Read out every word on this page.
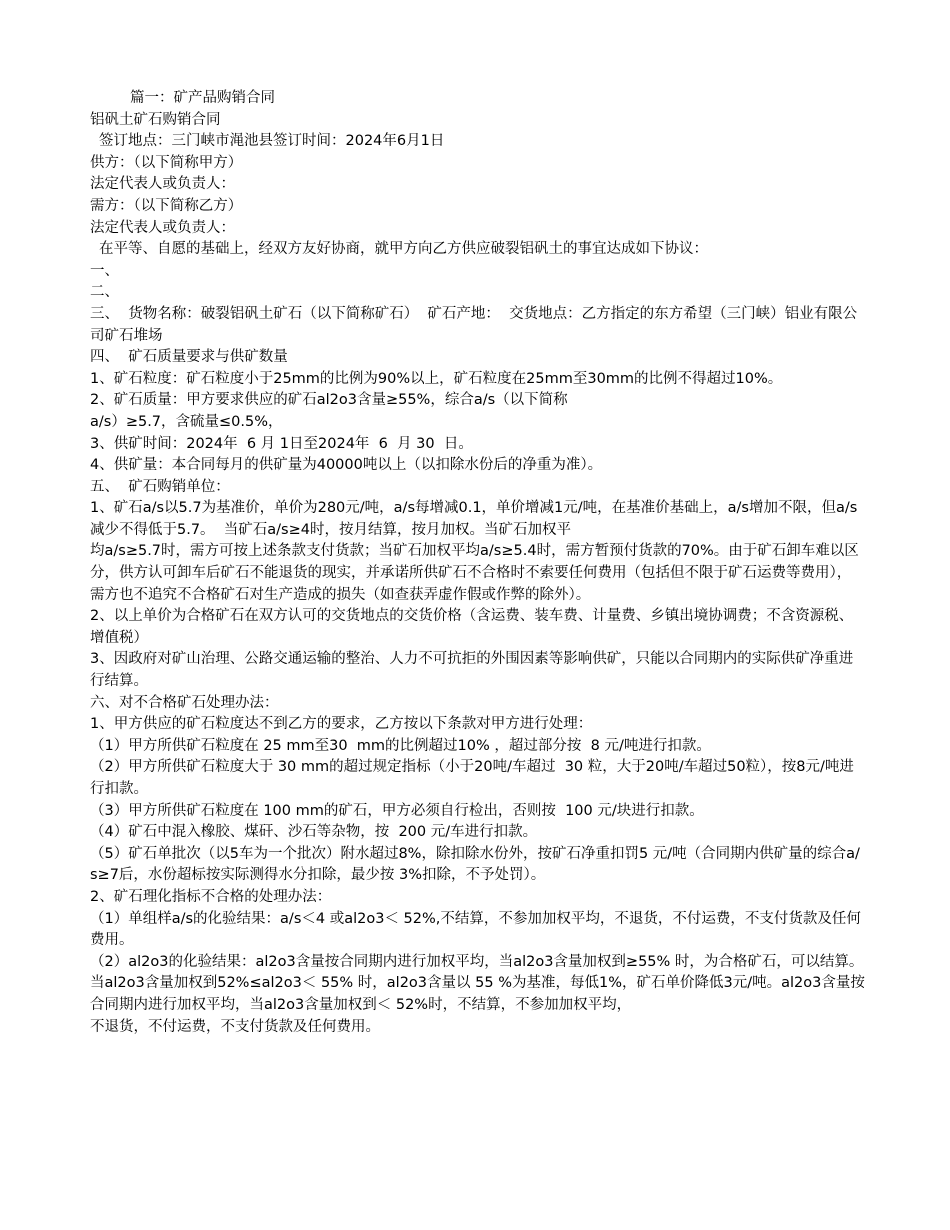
篇一：矿产品购销合同

铝矾土矿石购销合同

签订地点：三门峡市渑池县签订时间：2024年6月1日

供方：（以下简称甲方）

法定代表人或负责人：

需方：（以下简称乙方）

法定代表人或负责人：

在平等、自愿的基础上，经双方友好协商，就甲方向乙方供应破裂铝矾土的事宜达成如下协议：

一、

二、

三、  货物名称：破裂铝矾土矿石（以下简称矿石）  矿石产地：  交货地点：乙方指定的东方希望（三门峡）铝业有限公司矿石堆场

四、  矿石质量要求与供矿数量

1、矿石粒度：矿石粒度小于25mm的比例为90%以上，矿石粒度在25mm至30mm的比例不得超过10%。

2、矿石质量：甲方要求供应的矿石al2o3含量≥55%，综合a/s（以下简称
a/s）≥5.7，含硫量≤0.5%，

3、供矿时间：2024年  6 月 1日至2024年  6  月 30  日。

4、供矿量：本合同每月的供矿量为40000吨以上（以扣除水份后的净重为准）。

五、  矿石购销单位：

1、矿石a/s以5.7为基准价，单价为280元/吨，a/s每增减0.1，单价增减1元/吨，在基准价基础上，a/s增加不限，但a/s减少不得低于5.7。  当矿石a/s≥4时，按月结算，按月加权。当矿石加权平
均a/s≥5.7时，需方可按上述条款支付货款；当矿石加权平均a/s≥5.4时，需方暂预付货款的70%。由于矿石卸车难以区分，供方认可卸车后矿石不能退货的现实，并承诺所供矿石不合格时不索要任何费用（包括但不限于矿石运费等费用），需方也不追究不合格矿石对生产造成的损失（如查获弄虚作假或作弊的除外）。

2、以上单价为合格矿石在双方认可的交货地点的交货价格（含运费、装车费、计量费、乡镇出境协调费；不含资源税、增值税）

3、因政府对矿山治理、公路交通运输的整治、人力不可抗拒的外围因素等影响供矿，只能以合同期内的实际供矿净重进行结算。

六、对不合格矿石处理办法：

1、甲方供应的矿石粒度达不到乙方的要求，乙方按以下条款对甲方进行处理：

（1）甲方所供矿石粒度在 25 mm至30  mm的比例超过10% ，超过部分按  8 元/吨进行扣款。

（2）甲方所供矿石粒度大于 30 mm的超过规定指标（小于20吨/车超过  30 粒，大于20吨/车超过50粒），按8元/吨进行扣款。

（3）甲方所供矿石粒度在 100 mm的矿石，甲方必须自行检出，否则按  100 元/块进行扣款。

（4）矿石中混入橡胶、煤矸、沙石等杂物，按  200 元/车进行扣款。

（5）矿石单批次（以5车为一个批次）附水超过8%，除扣除水份外，按矿石净重扣罚5 元/吨（合同期内供矿量的综合a/s≥7后，水份超标按实际测得水分扣除，最少按 3%扣除，不予处罚）。

2、矿石理化指标不合格的处理办法：

（1）单组样a/s的化验结果：a/s＜4 或al2o3＜ 52%,不结算，不参加加权平均，不退货，不付运费，不支付货款及任何费用。

（2）al2o3的化验结果：al2o3含量按合同期内进行加权平均，当al2o3含量加权到≥55% 时，为合格矿石，可以结算。当al2o3含量加权到52%≤al2o3＜ 55% 时，al2o3含量以 55 %为基准，每低1%，矿石单价降低3元/吨。al2o3含量按合同期内进行加权平均，当al2o3含量加权到＜ 52%时，不结算，不参加加权平均，

不退货，不付运费，不支付货款及任何费用。
